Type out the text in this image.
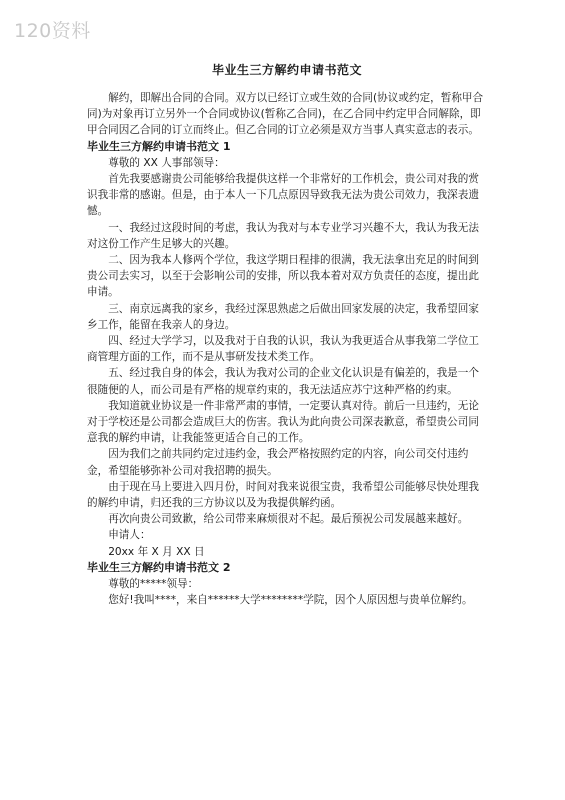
120资料
毕业生三方解约申请书范文

解约，即解出合同的合同。双方以已经订立或生效的合同(协议或约定，暂称甲合同)为对象再订立另外一个合同或协议(暂称乙合同)，在乙合同中约定甲合同解除，即甲合同因乙合同的订立而终止。但乙合同的订立必须是双方当事人真实意志的表示。

毕业生三方解约申请书范文 1

尊敬的 XX 人事部领导：

首先我要感谢贵公司能够给我提供这样一个非常好的工作机会，贵公司对我的赏识我非常的感谢。但是，由于本人一下几点原因导致我无法为贵公司效力，我深表遗憾。

一、我经过这段时间的考虑，我认为我对与本专业学习兴趣不大，我认为我无法对这份工作产生足够大的兴趣。

二、因为我本人修两个学位，我这学期日程排的很满，我无法拿出充足的时间到贵公司去实习，以至于会影响公司的安排，所以我本着对双方负责任的态度，提出此申请。

三、南京远离我的家乡，我经过深思熟虑之后做出回家发展的决定，我希望回家乡工作，能留在我亲人的身边。

四、经过大学学习，以及我对于自我的认识，我认为我更适合从事我第二学位工商管理方面的工作，而不是从事研发技术类工作。

五、经过我自身的体会，我认为我对公司的企业文化认识是有偏差的，我是一个很随便的人，而公司是有严格的规章约束的，我无法适应苏宁这种严格的约束。

我知道就业协议是一件非常严肃的事情，一定要认真对待。前后一旦违约，无论对于学校还是公司都会造成巨大的伤害。我认为此向贵公司深表歉意，希望贵公司同意我的解约申请，让我能签更适合自己的工作。

因为我们之前共同约定过违约金，我会严格按照约定的内容，向公司交付违约金，希望能够弥补公司对我招聘的损失。

由于现在马上要进入四月份，时间对我来说很宝贵，我希望公司能够尽快处理我的解约申请，归还我的三方协议以及为我提供解约函。

再次向贵公司致歉，给公司带来麻烦很对不起。最后预祝公司发展越来越好。

申请人：

20xx 年 X 月 XX 日

毕业生三方解约申请书范文 2

尊敬的*****领导：

您好!我叫****，来自******大学********学院，因个人原因想与贵单位解约。
